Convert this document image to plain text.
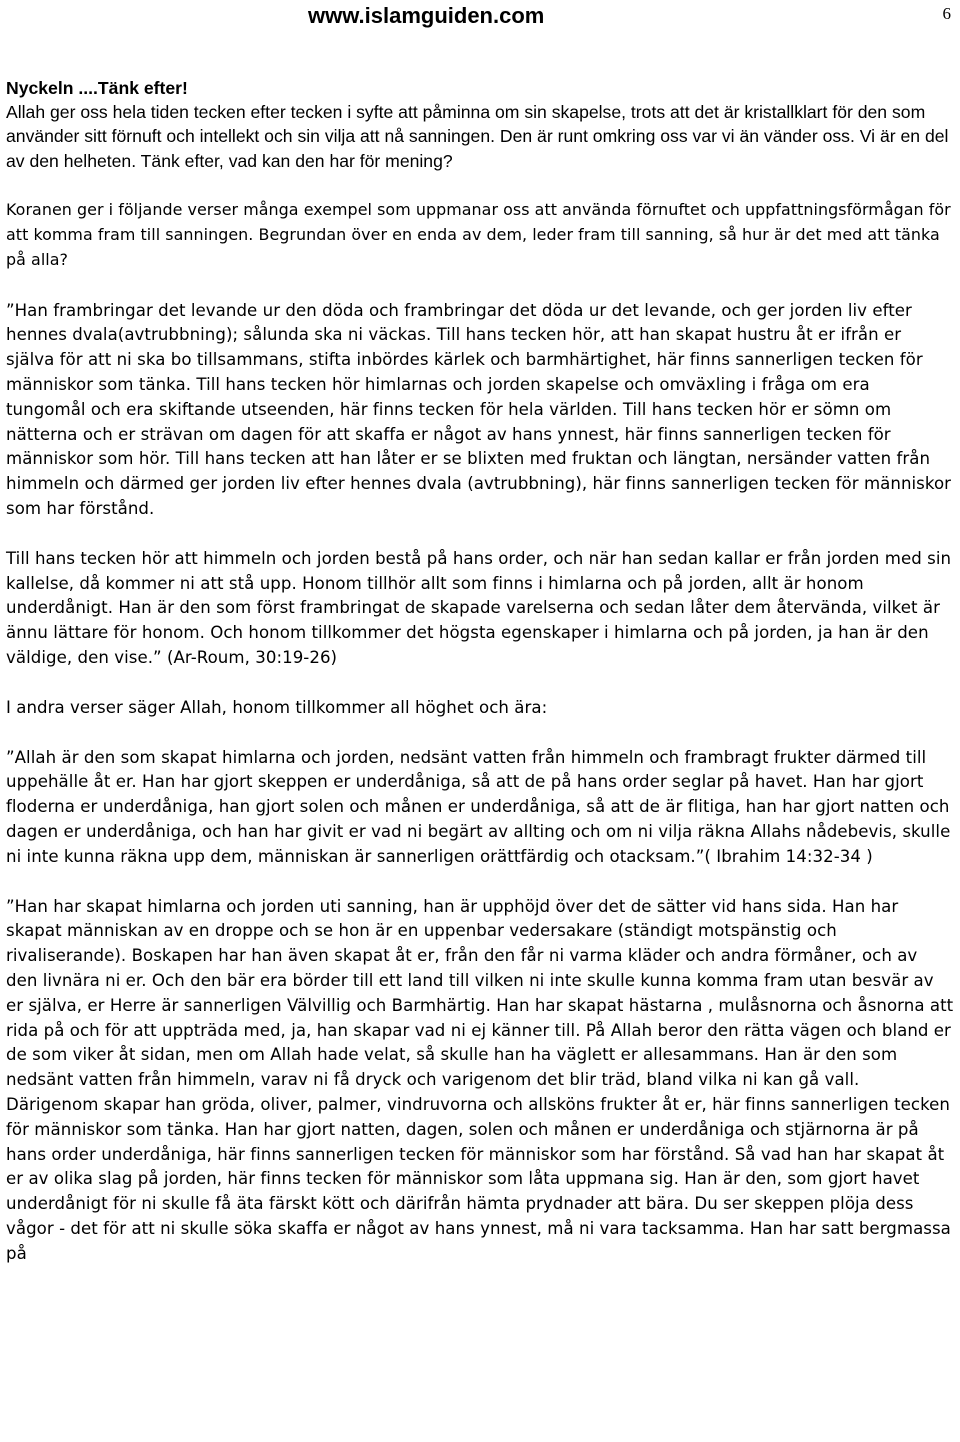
www.islamguiden.com	6

Nyckeln ....Tänk efter!

Allah ger oss hela tiden tecken efter tecken i syfte att påminna om sin skapelse, trots att det är kristallklart för den som använder sitt förnuft och intellekt och sin vilja att nå sanningen. Den är runt omkring oss var vi än vänder oss. Vi är en del av den helheten. Tänk efter, vad kan den har för mening?

Koranen ger i följande verser många exempel som uppmanar oss att använda förnuftet och uppfattningsförmågan för att komma fram till sanningen. Begrundan över en enda av dem, leder fram till sanning, så hur är det med att tänka på alla?

”Han frambringar det levande ur den döda och frambringar det döda ur det levande, och ger jorden liv efter hennes dvala(avtrubbning); sålunda ska ni väckas. Till hans tecken hör, att han skapat hustru åt er ifrån er själva för att ni ska bo tillsammans, stifta inbördes kärlek och barmhärtighet, här finns sannerligen tecken för människor som tänka. Till hans tecken hör himlarnas och jorden skapelse och omväxling i fråga om era tungomål och era skiftande utseenden, här finns tecken för hela världen. Till hans tecken hör er sömn om nätterna och er strävan om dagen för att skaffa er något av hans ynnest, här finns sannerligen tecken för människor som hör. Till hans tecken att han låter er se blixten med fruktan och längtan, nersänder vatten från himmeln och därmed ger jorden liv efter hennes dvala (avtrubbning), här finns sannerligen tecken för människor som har förstånd.

Till hans tecken hör att himmeln och jorden bestå på hans order, och när han sedan kallar er från jorden med sin kallelse, då kommer ni att stå upp. Honom tillhör allt som finns i himlarna och på jorden, allt är honom underdånigt. Han är den som först frambringat de skapade varelserna och sedan låter dem återvända, vilket är ännu lättare för honom. Och honom tillkommer det högsta egenskaper i himlarna och på jorden, ja han är den väldige, den vise.” (Ar-Roum, 30:19-26)

I andra verser säger Allah, honom tillkommer all höghet och ära:

”Allah är den som skapat himlarna och jorden, nedsänt vatten från himmeln och frambragt frukter därmed till uppehälle åt er. Han har gjort skeppen er underdåniga, så att de på hans order seglar på havet. Han har gjort floderna er underdåniga, han gjort solen och månen er underdåniga, så att de är flitiga, han har gjort natten och dagen er underdåniga, och han har givit er vad ni begärt av allting och om ni vilja räkna Allahs nådebevis, skulle ni inte kunna räkna upp dem, människan är sannerligen orättfärdig och otacksam.”( Ibrahim 14:32-34 )

”Han har skapat himlarna och jorden uti sanning, han är upphöjd över det de sätter vid hans sida. Han har skapat människan av en droppe och se hon är en uppenbar vedersakare (ständigt motspänstig och rivaliserande). Boskapen har han även skapat åt er, från den får ni varma kläder och andra förmåner, och av den livnära ni er. Och den bär era börder till ett land till vilken ni inte skulle kunna komma fram utan besvär av er själva, er Herre är sannerligen Välvillig och Barmhärtig. Han har skapat hästarna , mulåsnorna och åsnorna att rida på och för att uppträda med, ja, han skapar vad ni ej känner till. På Allah beror den rätta vägen och bland er de som viker åt sidan, men om Allah hade velat, så skulle han ha väglett er allesammans. Han är den som nedsänt vatten från himmeln, varav ni få dryck och varigenom det blir träd, bland vilka ni kan gå vall. Därigenom skapar han gröda, oliver, palmer, vindruvorna och allsköns frukter åt er, här finns sannerligen tecken för människor som tänka. Han har gjort natten, dagen, solen och månen er underdåniga och stjärnorna är på hans order underdåniga, här finns sannerligen tecken för människor som har förstånd. Så vad han har skapat åt er av olika slag på jorden, här finns tecken för människor som låta uppmana sig. Han är den, som gjort havet underdånigt för ni skulle få äta färskt kött och därifrån hämta prydnader att bära. Du ser skeppen plöja dess vågor - det för att ni skulle söka skaffa er något av hans ynnest, må ni vara tacksamma. Han har satt bergmassa på
